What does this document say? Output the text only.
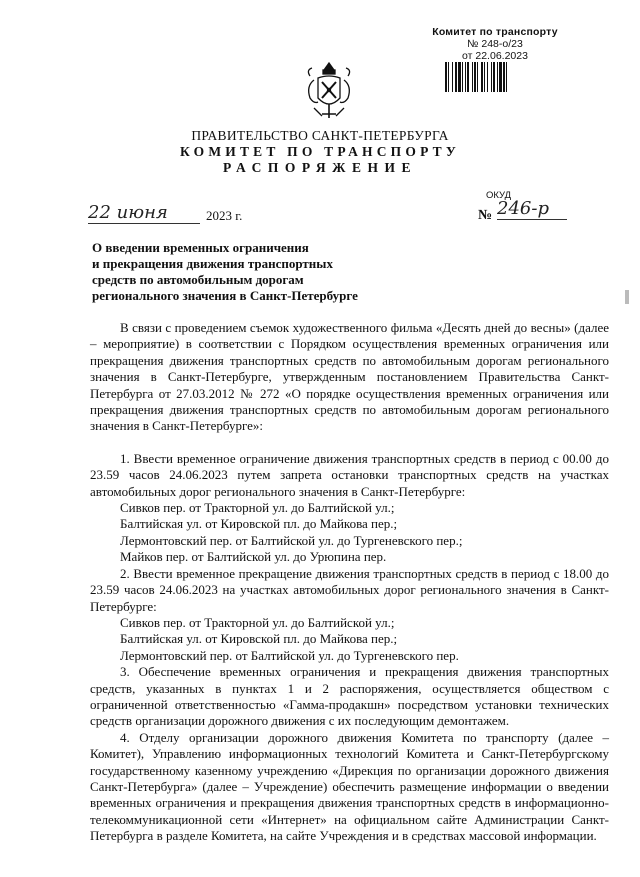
Комитет по транспорту
№ 248-о/23
от 22.06.2023
ПРАВИТЕЛЬСТВО САНКТ-ПЕТЕРБУРГА
КОМИТЕТ ПО ТРАНСПОРТУ
РАСПОРЯЖЕНИЕ
ОКУД
22 июня	2023 г.	№ 246-р
О введении временных ограничения
и прекращения движения транспортных
средств по автомобильным дорогам
регионального значения в Санкт-Петербурге

В связи с проведением съемок художественного фильма «Десять дней до весны» (далее – мероприятие) в соответствии с Порядком осуществления временных ограничения или прекращения движения транспортных средств по автомобильным дорогам регионального значения в Санкт-Петербурге, утвержденным постановлением Правительства Санкт-Петербурга от 27.03.2012 № 272 «О порядке осуществления временных ограничения или прекращения движения транспортных средств по автомобильным дорогам регионального значения в Санкт-Петербурге»:

1. Ввести временное ограничение движения транспортных средств в период с 00.00 до 23.59 часов 24.06.2023 путем запрета остановки транспортных средств на участках автомобильных дорог регионального значения в Санкт-Петербурге:

Сивков пер. от Тракторной ул. до Балтийской ул.;

Балтийская ул. от Кировской пл. до Майкова пер.;

Лермонтовский пер. от Балтийской ул. до Тургеневского пер.;

Майков пер. от Балтийской ул. до Урюпина пер.

2. Ввести временное прекращение движения транспортных средств в период с 18.00 до 23.59 часов 24.06.2023 на участках автомобильных дорог регионального значения в Санкт-Петербурге:

Сивков пер. от Тракторной ул. до Балтийской ул.;

Балтийская ул. от Кировской пл. до Майкова пер.;

Лермонтовский пер. от Балтийской ул. до Тургеневского пер.

3. Обеспечение временных ограничения и прекращения движения транспортных средств, указанных в пунктах 1 и 2 распоряжения, осуществляется обществом с ограниченной ответственностью «Гамма-продакшн» посредством установки технических средств организации дорожного движения с их последующим демонтажем.

4. Отделу организации дорожного движения Комитета по транспорту (далее – Комитет), Управлению информационных технологий Комитета и Санкт-Петербургскому государственному казенному учреждению «Дирекция по организации дорожного движения Санкт-Петербурга» (далее – Учреждение) обеспечить размещение информации о введении временных ограничения и прекращения движения транспортных средств в информационно-телекоммуникационной сети «Интернет» на официальном сайте Администрации Санкт-Петербурга в разделе Комитета, на сайте Учреждения и в средствах массовой информации.
